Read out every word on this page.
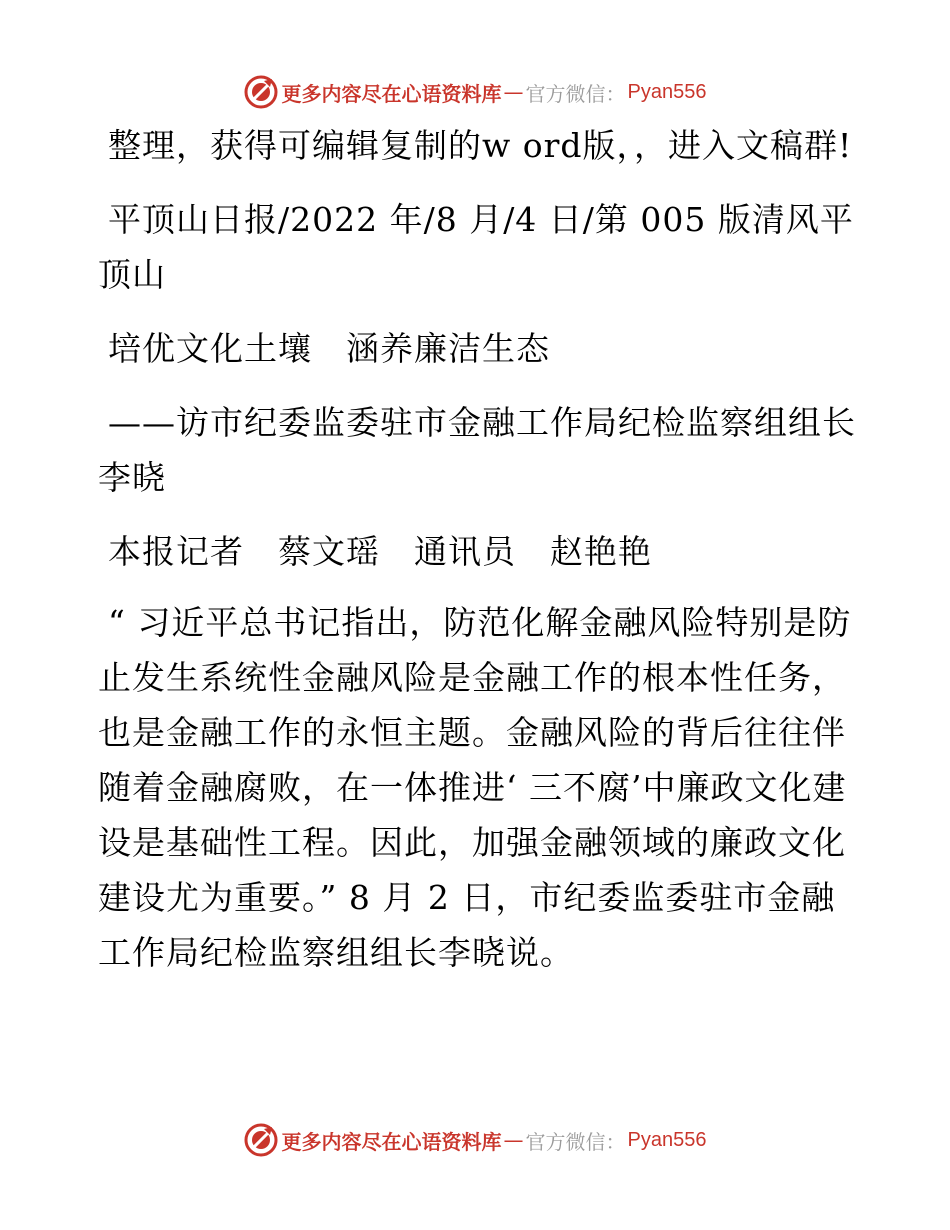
更多内容尽在心语资料库 — 官方微信： Pyan556

整理，获得可编辑复制的w ord版，，进入文稿群!

平顶山日报/2022 年/8 月/4 日/第 005 版清风平顶山

培优文化土壤　涵养廉洁生态

——访市纪委监委驻市金融工作局纪检监察组组长李晓

本报记者　蔡文瑶　通讯员　赵艳艳

“ 习近平总书记指出，防范化解金融风险特别是防止发生系统性金融风险是金融工作的根本性任务，也是金融工作的永恒主题。金融风险的背后往往伴随着金融腐败，在一体推进‘ 三不腐’中廉政文化建设是基础性工程。因此，加强金融领域的廉政文化建设尤为重要。” 8 月 2 日，市纪委监委驻市金融工作局纪检监察组组长李晓说。

更多内容尽在心语资料库 — 官方微信： Pyan556
